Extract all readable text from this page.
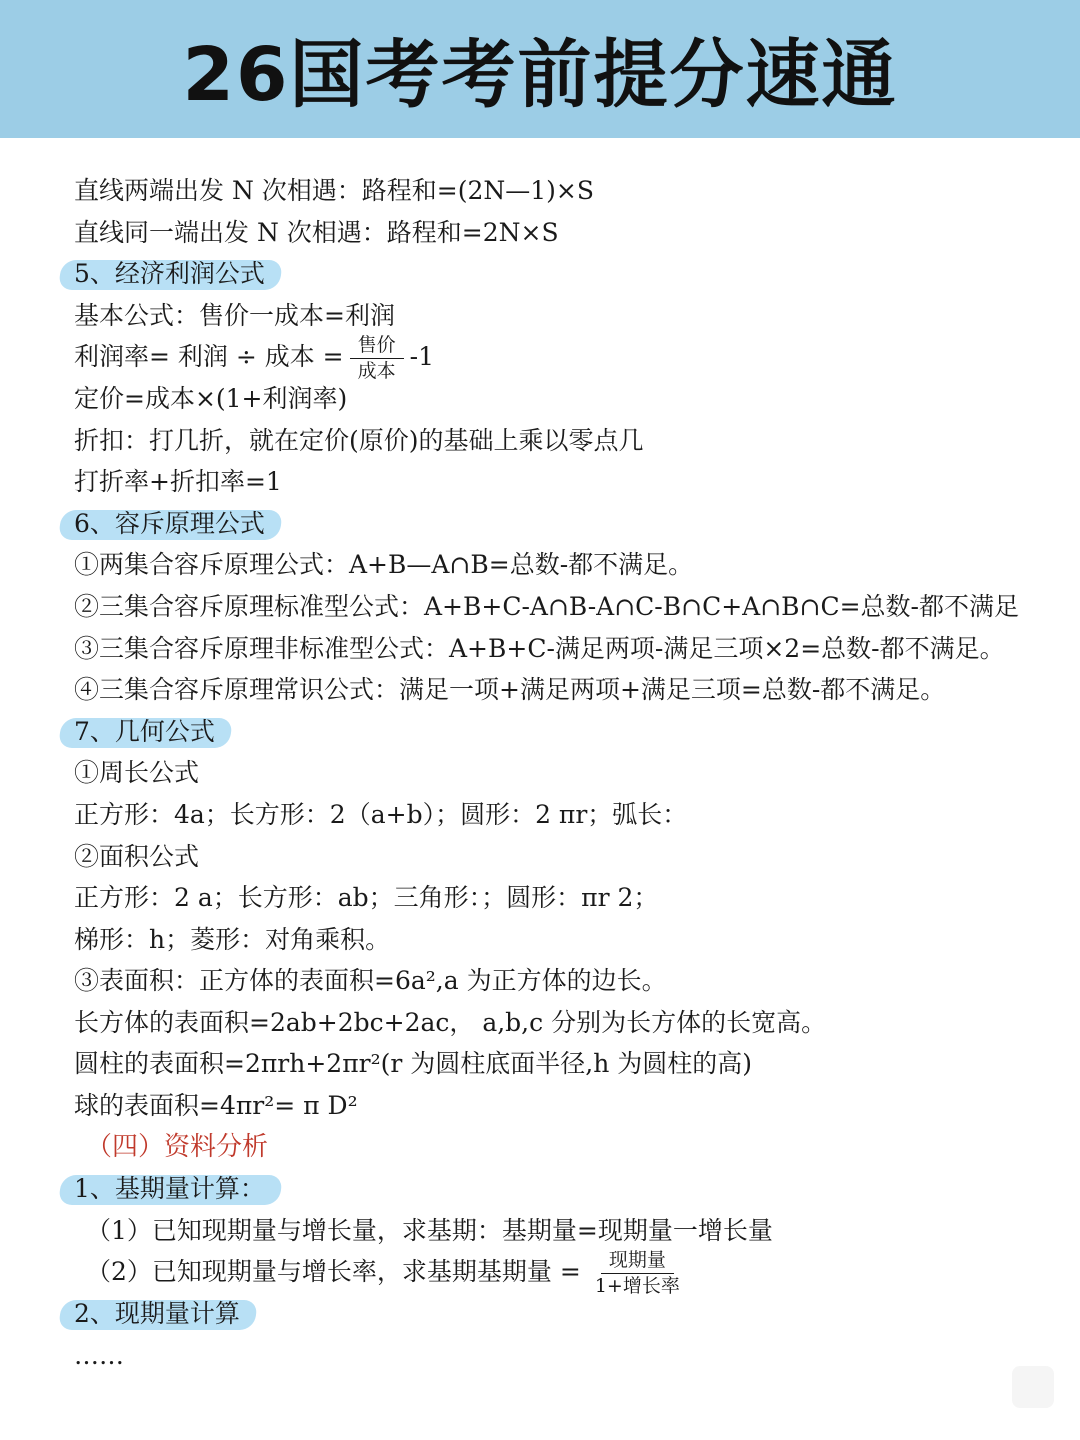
26国考考前提分速通
直线两端出发 N 次相遇：路程和=(2N—1)×S
直线同一端出发 N 次相遇：路程和=2N×S
5、经济利润公式
基本公式：售价一成本=利润
利润率= 利润 ÷ 成本 = $\frac{\text{售价}}{\text{成本}} -1$
定价=成本×(1+利润率)
折扣：打几折，就在定价(原价)的基础上乘以零点几
打折率+折扣率=1
6、容斥原理公式
①两集合容斥原理公式：A+B—A∩B=总数-都不满足。
②三集合容斥原理标准型公式：A+B+C-A∩B-A∩C-B∩C+A∩B∩C=总数-都不满足
③三集合容斥原理非标准型公式：A+B+C-满足两项-满足三项×2=总数-都不满足。
④三集合容斥原理常识公式：满足一项+满足两项+满足三项=总数-都不满足。
7、几何公式
①周长公式
正方形：4a；长方形：2（a+b）；圆形：2 πr；弧长：
②面积公式
正方形：2 a；长方形：ab；三角形：；圆形：πr 2；
梯形：h；菱形：对角乘积。
③表面积：正方体的表面积=6a²,a 为正方体的边长。
长方体的表面积=2ab+2bc+2ac， a,b,c 分别为长方体的长宽高。
圆柱的表面积=2πrh+2πr²(r 为圆柱底面半径,h 为圆柱的高)
球的表面积=4πr²= π D²
（四）资料分析
1、基期量计算：
（1）已知现期量与增长量，求基期：基期量=现期量一增长量
（2）已知现期量与增长率，求基期基期量 = $\frac{\text{现期量}}{\text{1+增长率}}$
2、现期量计算
……
